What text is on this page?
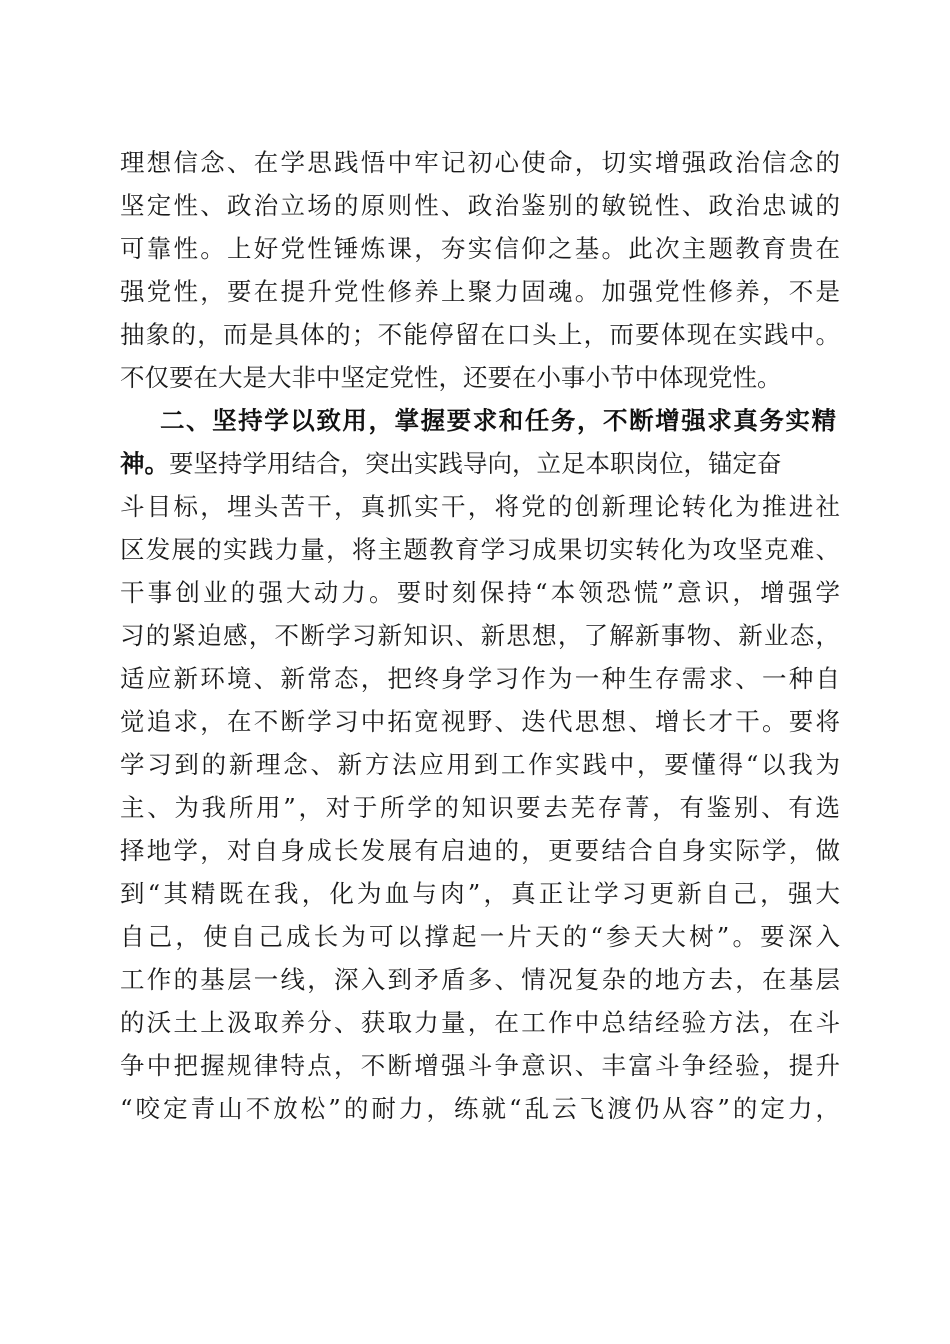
理想信念、在学思践悟中牢记初心使命，切实增强政治信念的
坚定性、政治立场的原则性、政治鉴别的敏锐性、政治忠诚的
可靠性。上好党性锤炼课，夯实信仰之基。此次主题教育贵在
强党性，要在提升党性修养上聚力固魂。加强党性修养，不是
抽象的，而是具体的；不能停留在口头上，而要体现在实践中。
不仅要在大是大非中坚定党性，还要在小事小节中体现党性。
二、坚持学以致用，掌握要求和任务，不断增强求真务实精
神。要坚持学用结合，突出实践导向，立足本职岗位，锚定奋
斗目标，埋头苦干，真抓实干，将党的创新理论转化为推进社
区发展的实践力量，将主题教育学习成果切实转化为攻坚克难、
干事创业的强大动力。要时刻保持“本领恐慌”意识，增强学
习的紧迫感，不断学习新知识、新思想，了解新事物、新业态，
适应新环境、新常态，把终身学习作为一种生存需求、一种自
觉追求，在不断学习中拓宽视野、迭代思想、增长才干。要将
学习到的新理念、新方法应用到工作实践中，要懂得“以我为
主、为我所用”，对于所学的知识要去芜存菁，有鉴别、有选
择地学，对自身成长发展有启迪的，更要结合自身实际学，做
到“其精既在我，化为血与肉”，真正让学习更新自己，强大
自己，使自己成长为可以撑起一片天的“参天大树”。要深入
工作的基层一线，深入到矛盾多、情况复杂的地方去，在基层
的沃土上汲取养分、获取力量，在工作中总结经验方法，在斗
争中把握规律特点，不断增强斗争意识、丰富斗争经验，提升
“咬定青山不放松”的耐力，练就“乱云飞渡仍从容”的定力，
